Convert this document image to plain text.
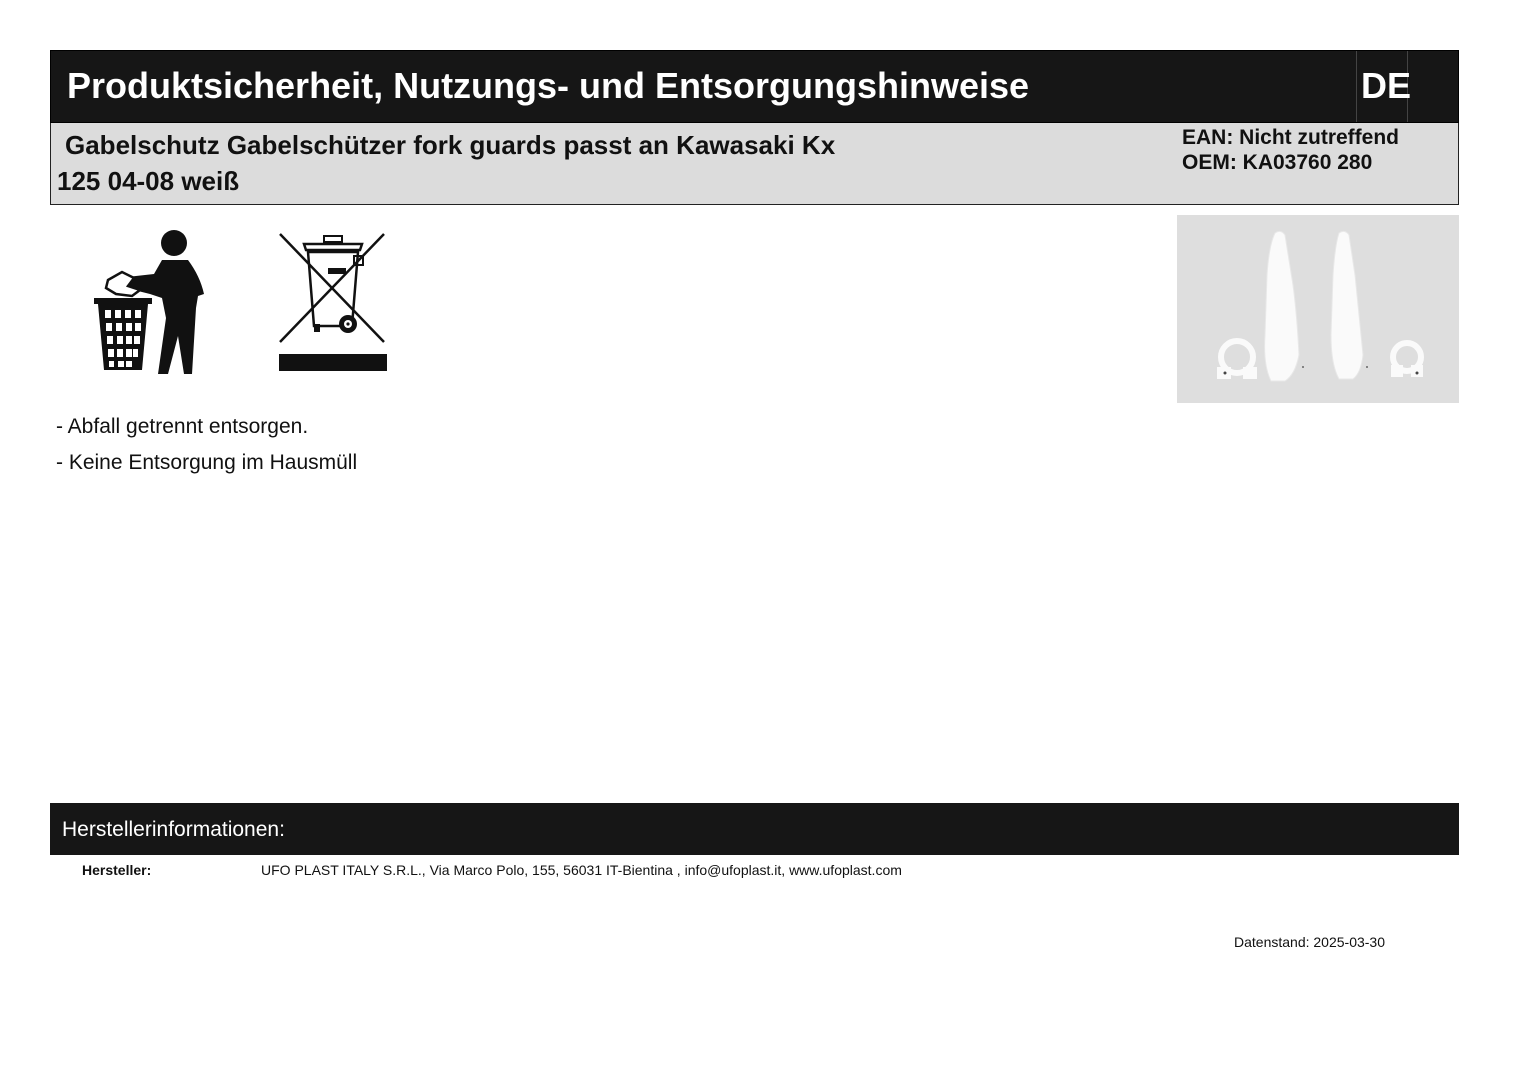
Produktsicherheit, Nutzungs- und Entsorgungshinweise	DE
Gabelschutz Gabelschützer fork guards passt an Kawasaki Kx
125 04-08 weiß
EAN: Nicht zutreffend
OEM: KA03760 280
- Abfall getrennt entsorgen.
- Keine Entsorgung im Hausmüll
Herstellerinformationen:
Hersteller:	UFO PLAST ITALY S.R.L., Via Marco Polo, 155, 56031 IT-Bientina , info@ufoplast.it, www.ufoplast.com
Datenstand: 2025-03-30
